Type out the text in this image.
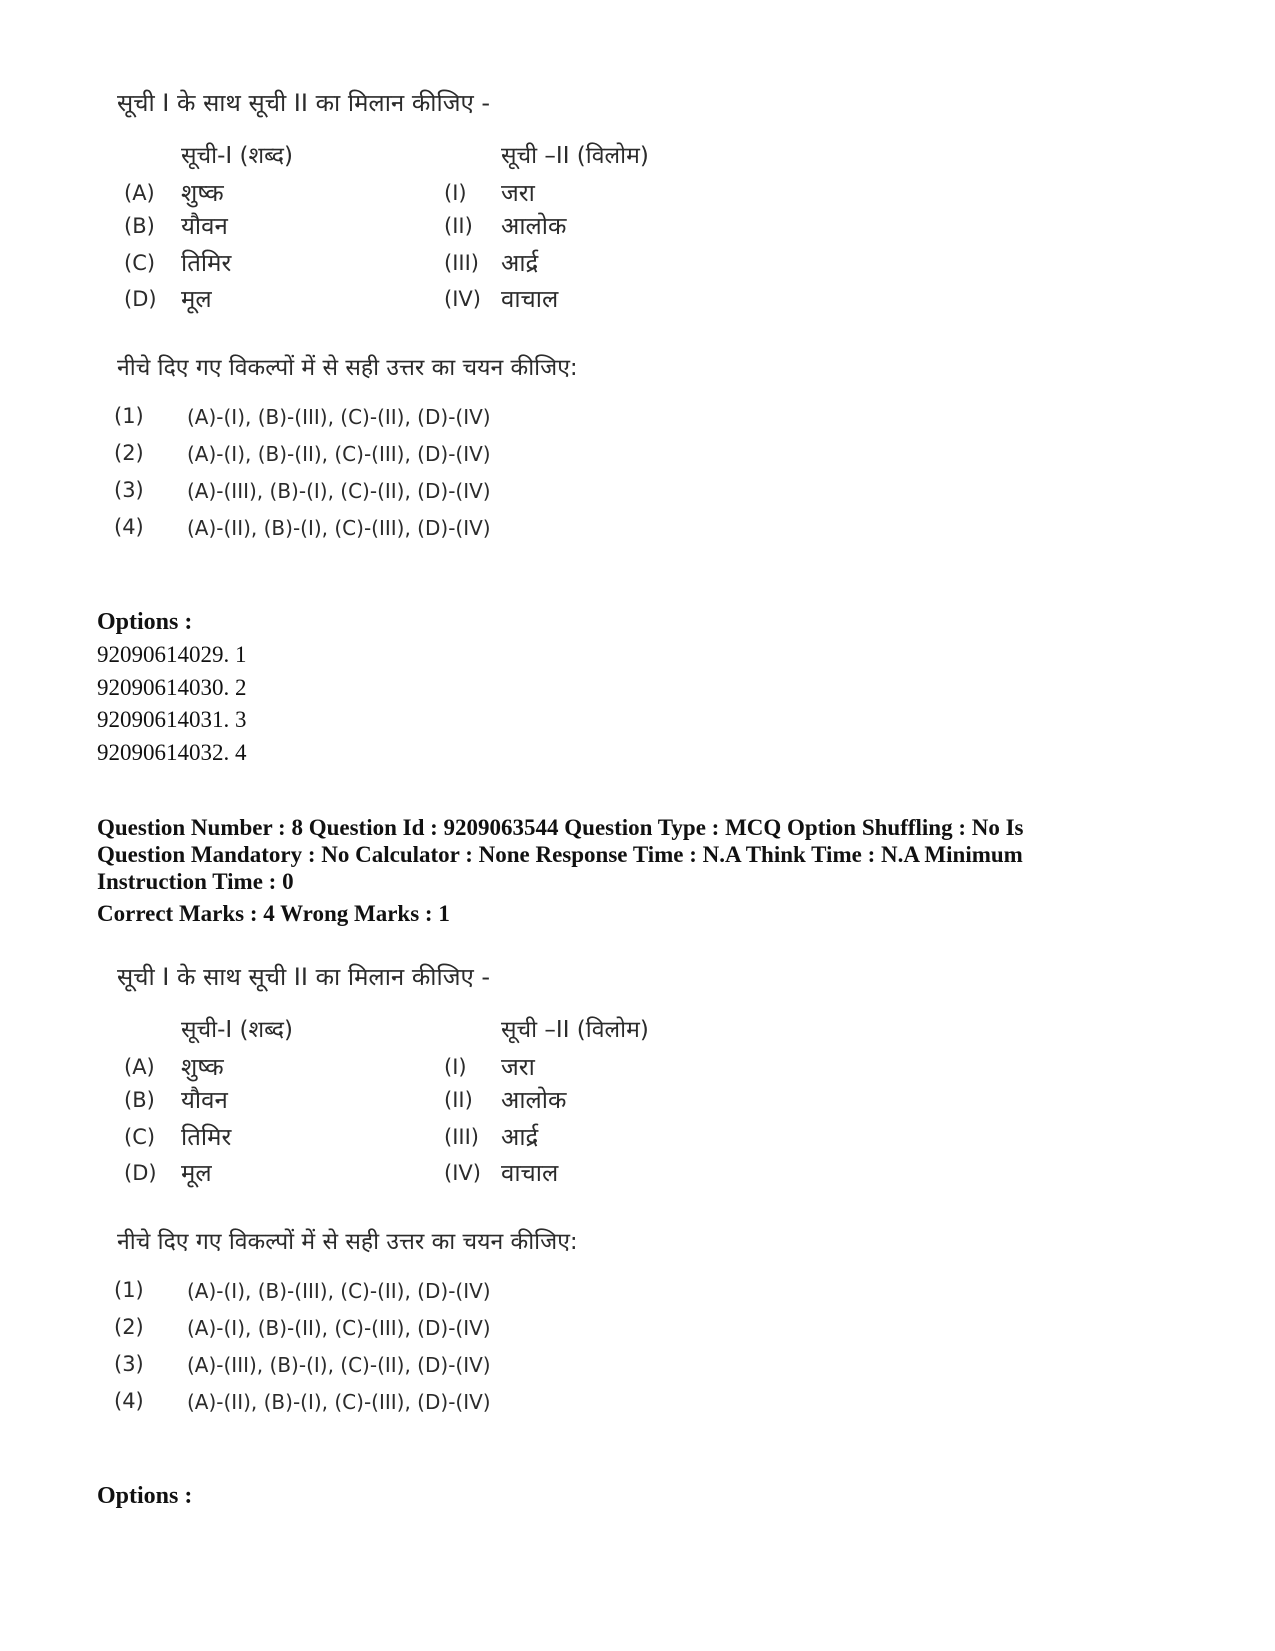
सूची I के साथ सूची II का मिलान कीजिए -
सूची-I (शब्द)	सूची –II (विलोम)
(A) शुष्क	(I) जरा
(B) यौवन	(II) आलोक
(C) तिमिर	(III) आर्द्र
(D) मूल	(IV) वाचाल
नीचे दिए गए विकल्पों में से सही उत्तर का चयन कीजिए:
(1) (A)-(I), (B)-(III), (C)-(II), (D)-(IV)
(2) (A)-(I), (B)-(II), (C)-(III), (D)-(IV)
(3) (A)-(III), (B)-(I), (C)-(II), (D)-(IV)
(4) (A)-(II), (B)-(I), (C)-(III), (D)-(IV)
Options :
92090614029. 1
92090614030. 2
92090614031. 3
92090614032. 4
Question Number : 8 Question Id : 9209063544 Question Type : MCQ Option Shuffling : No Is
Question Mandatory : No Calculator : None Response Time : N.A Think Time : N.A Minimum
Instruction Time : 0
Correct Marks : 4 Wrong Marks : 1
सूची I के साथ सूची II का मिलान कीजिए -
सूची-I (शब्द)	सूची –II (विलोम)
(A) शुष्क	(I) जरा
(B) यौवन	(II) आलोक
(C) तिमिर	(III) आर्द्र
(D) मूल	(IV) वाचाल
नीचे दिए गए विकल्पों में से सही उत्तर का चयन कीजिए:
(1) (A)-(I), (B)-(III), (C)-(II), (D)-(IV)
(2) (A)-(I), (B)-(II), (C)-(III), (D)-(IV)
(3) (A)-(III), (B)-(I), (C)-(II), (D)-(IV)
(4) (A)-(II), (B)-(I), (C)-(III), (D)-(IV)
Options :
